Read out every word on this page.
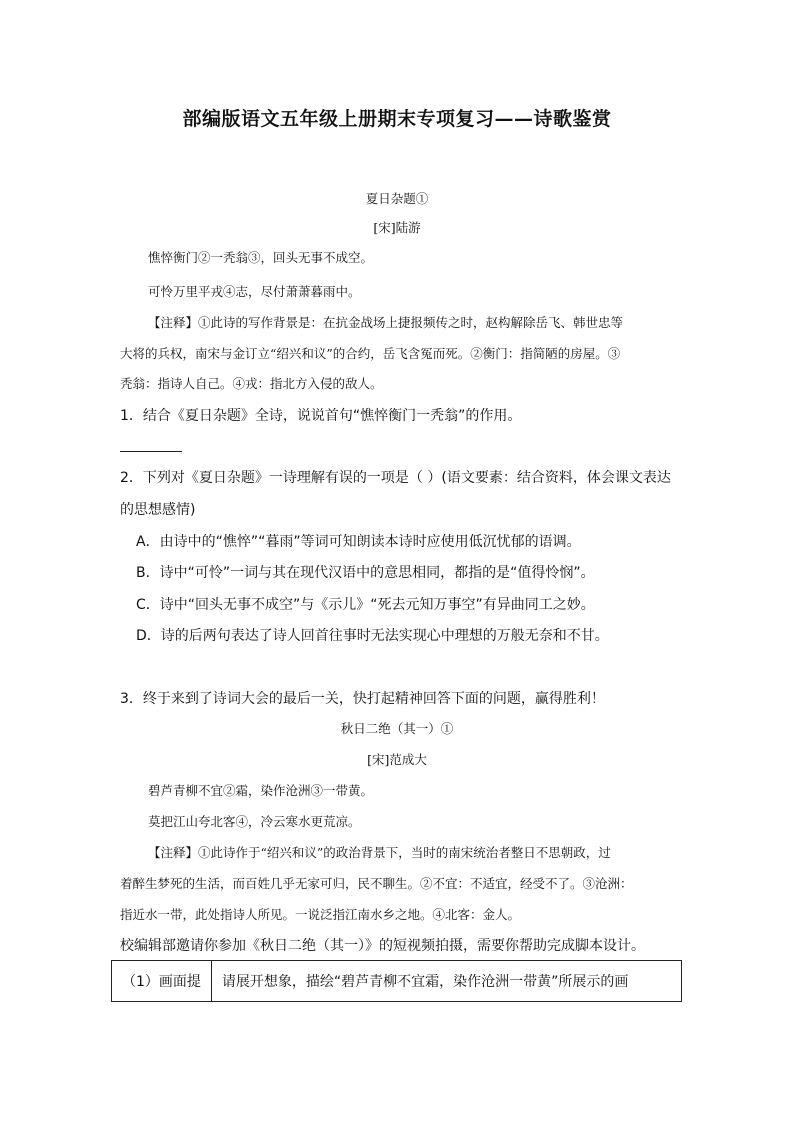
部编版语文五年级上册期末专项复习——诗歌鉴赏
夏日杂题①
[宋]陆游
憔悴衡门②一秃翁③，回头无事不成空。
可怜万里平戎④志，尽付萧萧暮雨中。
【注释】①此诗的写作背景是：在抗金战场上捷报频传之时，赵构解除岳飞、韩世忠等
大将的兵权，南宋与金订立“绍兴和议”的合约，岳飞含冤而死。②衡门：指简陋的房屋。③
秃翁：指诗人自己。④戎：指北方入侵的敌人。
1．结合《夏日杂题》全诗，说说首句“憔悴衡门一秃翁”的作用。
2．下列对《夏日杂题》一诗理解有误的一项是（ ）(语文要素：结合资料，体会课文表达
的思想感情)
A．由诗中的“憔悴”“暮雨”等词可知朗读本诗时应使用低沉忧郁的语调。
B．诗中“可怜”一词与其在现代汉语中的意思相同，都指的是“值得怜悯”。
C．诗中“回头无事不成空”与《示儿》“死去元知万事空”有异曲同工之妙。
D．诗的后两句表达了诗人回首往事时无法实现心中理想的万般无奈和不甘。
3．终于来到了诗词大会的最后一关，快打起精神回答下面的问题，赢得胜利！
秋日二绝（其一）①
[宋]范成大
碧芦青柳不宜②霜，染作沧洲③一带黄。
莫把江山夸北客④，冷云寒水更荒凉。
【注释】①此诗作于“绍兴和议”的政治背景下，当时的南宋统治者整日不思朝政，过
着醉生梦死的生活，而百姓几乎无家可归，民不聊生。②不宜：不适宜，经受不了。③沧洲：
指近水一带，此处指诗人所见。一说泛指江南水乡之地。④北客：金人。
校编辑部邀请你参加《秋日二绝（其一）》的短视频拍摄，需要你帮助完成脚本设计。
（1）画面提	请展开想象，描绘“碧芦青柳不宜霜，染作沧洲一带黄”所展示的画
